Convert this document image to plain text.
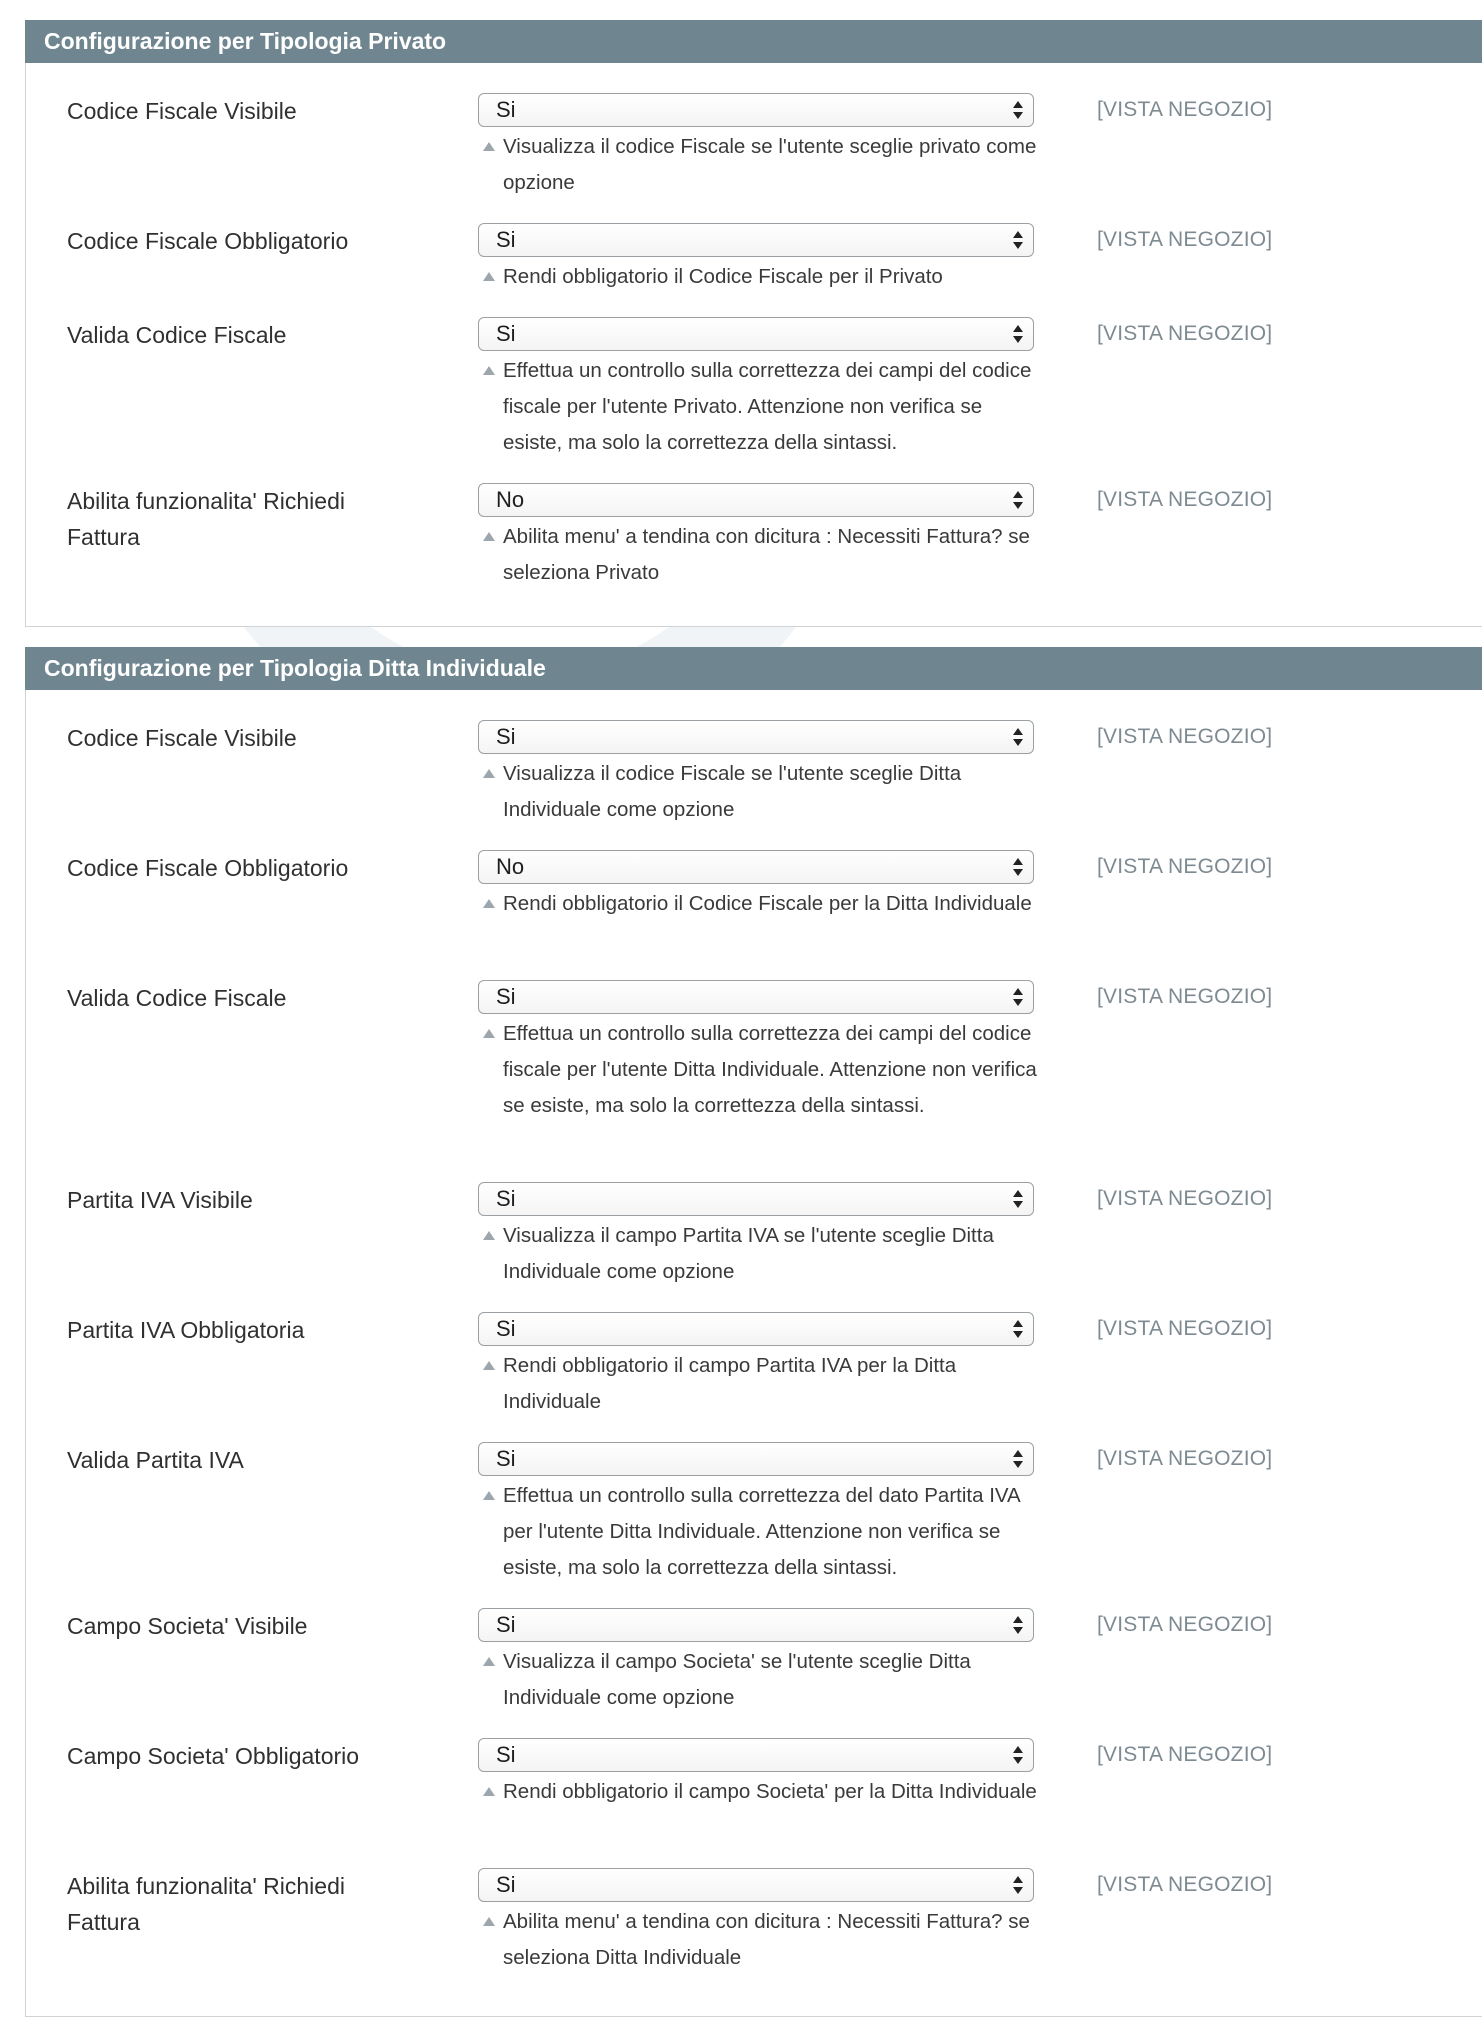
Configurazione per Tipologia Privato
Codice Fiscale Visibile	Si
Visualizza il codice Fiscale se l'utente sceglie privato come opzione
[VISTA NEGOZIO]
Codice Fiscale Obbligatorio	Si
Rendi obbligatorio il Codice Fiscale per il Privato
[VISTA NEGOZIO]
Valida Codice Fiscale	Si
Effettua un controllo sulla correttezza dei campi del codice fiscale per l'utente Privato. Attenzione non verifica se esiste, ma solo la correttezza della sintassi.
[VISTA NEGOZIO]
Abilita funzionalita' Richiedi Fattura
No
Abilita menu' a tendina con dicitura : Necessiti Fattura? se seleziona Privato
[VISTA NEGOZIO]
Configurazione per Tipologia Ditta Individuale
Codice Fiscale Visibile	Si
Visualizza il codice Fiscale se l'utente sceglie Ditta Individuale come opzione
[VISTA NEGOZIO]
Codice Fiscale Obbligatorio	No
Rendi obbligatorio il Codice Fiscale per la Ditta Individuale
[VISTA NEGOZIO]
Valida Codice Fiscale	Si
Effettua un controllo sulla correttezza dei campi del codice fiscale per l'utente Ditta Individuale. Attenzione non verifica se esiste, ma solo la correttezza della sintassi.
[VISTA NEGOZIO]
Partita IVA Visibile	Si
Visualizza il campo Partita IVA se l'utente sceglie Ditta Individuale come opzione
[VISTA NEGOZIO]
Partita IVA Obbligatoria	Si
Rendi obbligatorio il campo Partita IVA per la Ditta Individuale
[VISTA NEGOZIO]
Valida Partita IVA	Si
Effettua un controllo sulla correttezza del dato Partita IVA per l'utente Ditta Individuale. Attenzione non verifica se esiste, ma solo la correttezza della sintassi.
[VISTA NEGOZIO]
Campo Societa' Visibile	Si
Visualizza il campo Societa' se l'utente sceglie Ditta Individuale come opzione
[VISTA NEGOZIO]
Campo Societa' Obbligatorio	Si
Rendi obbligatorio il campo Societa' per la Ditta Individuale
[VISTA NEGOZIO]
Abilita funzionalita' Richiedi Fattura
Si
Abilita menu' a tendina con dicitura : Necessiti Fattura? se seleziona Ditta Individuale
[VISTA NEGOZIO]
